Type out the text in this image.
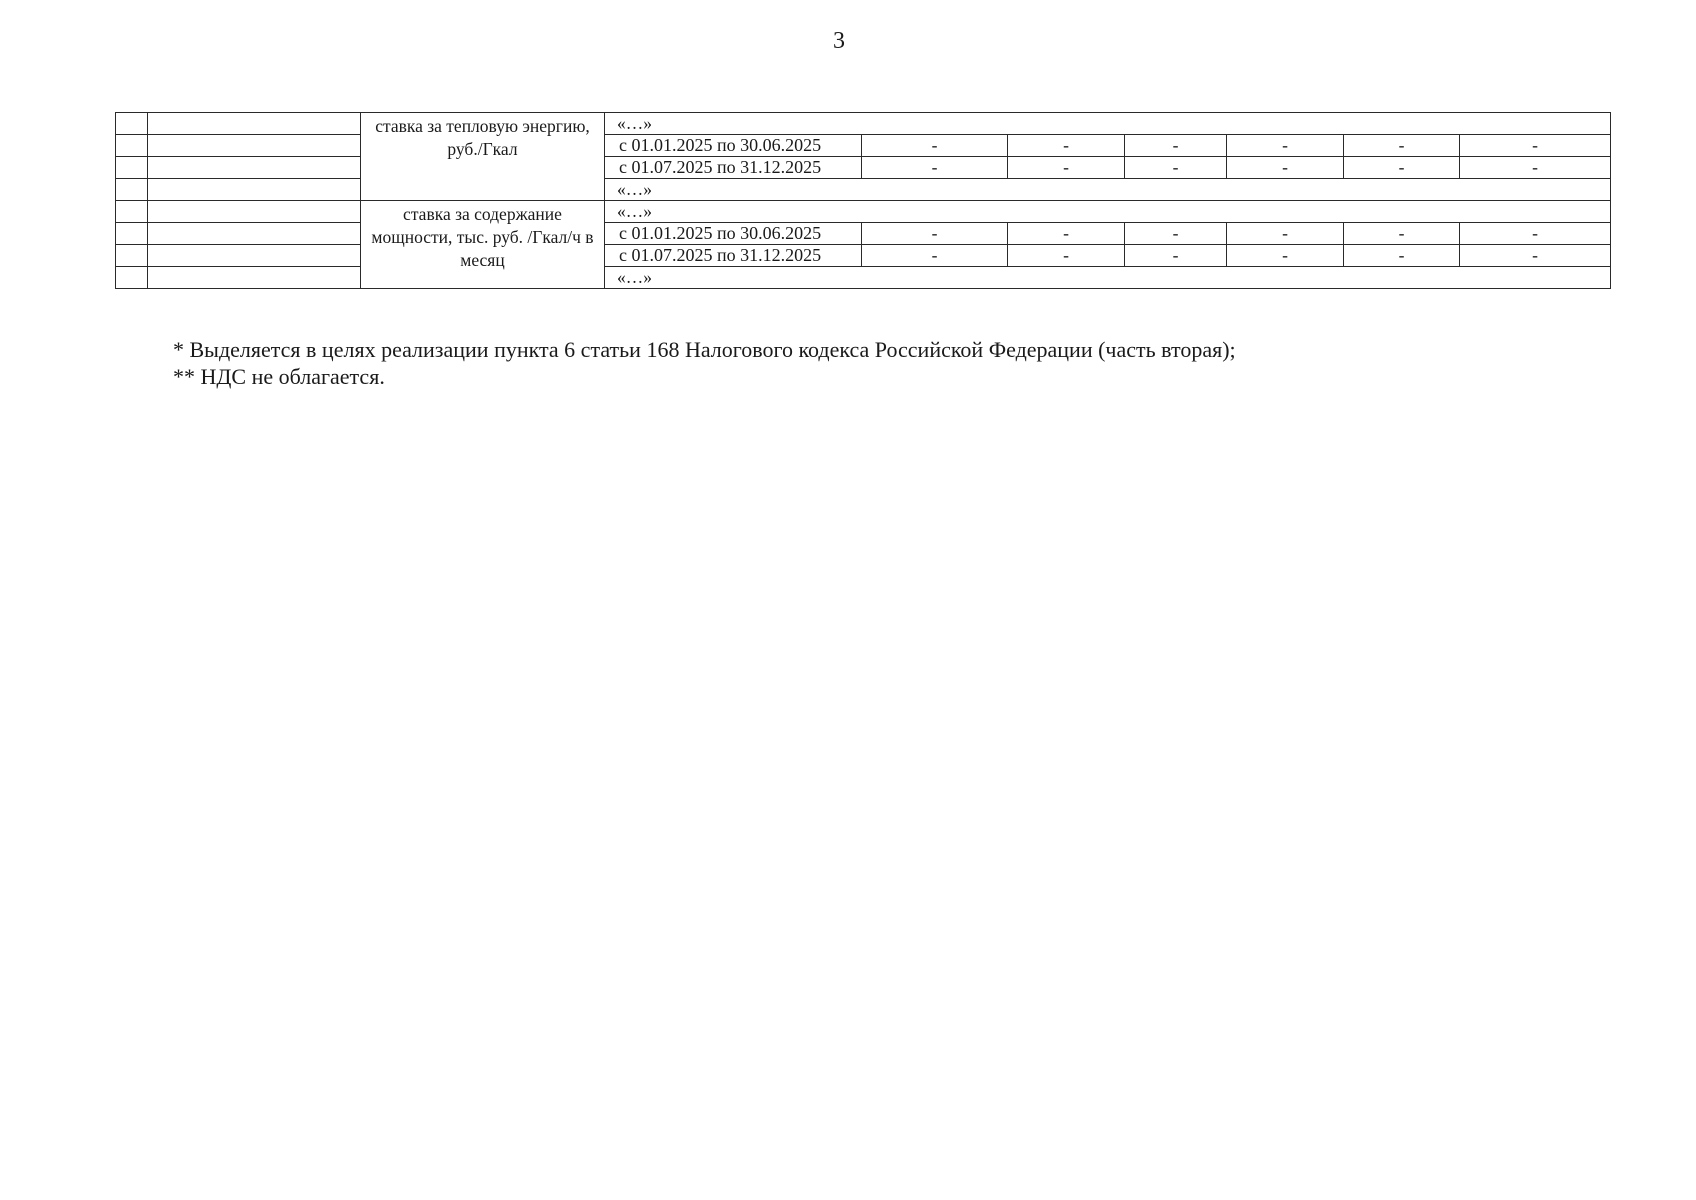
3
		ставка за тепловую энергию, руб./Гкал	«…»						
			с 01.01.2025 по 30.06.2025	-	-	-	-	-	-
			с 01.07.2025 по 31.12.2025	-	-	-	-	-	-
			«…»						
		ставка за содержание мощности, тыс. руб. /Гкал/ч в месяц	«…»						
			с 01.01.2025 по 30.06.2025	-	-	-	-	-	-
			с 01.07.2025 по 31.12.2025	-	-	-	-	-	-
			«…»						
* Выделяется в целях реализации пункта 6 статьи 168 Налогового кодекса Российской Федерации (часть вторая);
** НДС не облагается.
